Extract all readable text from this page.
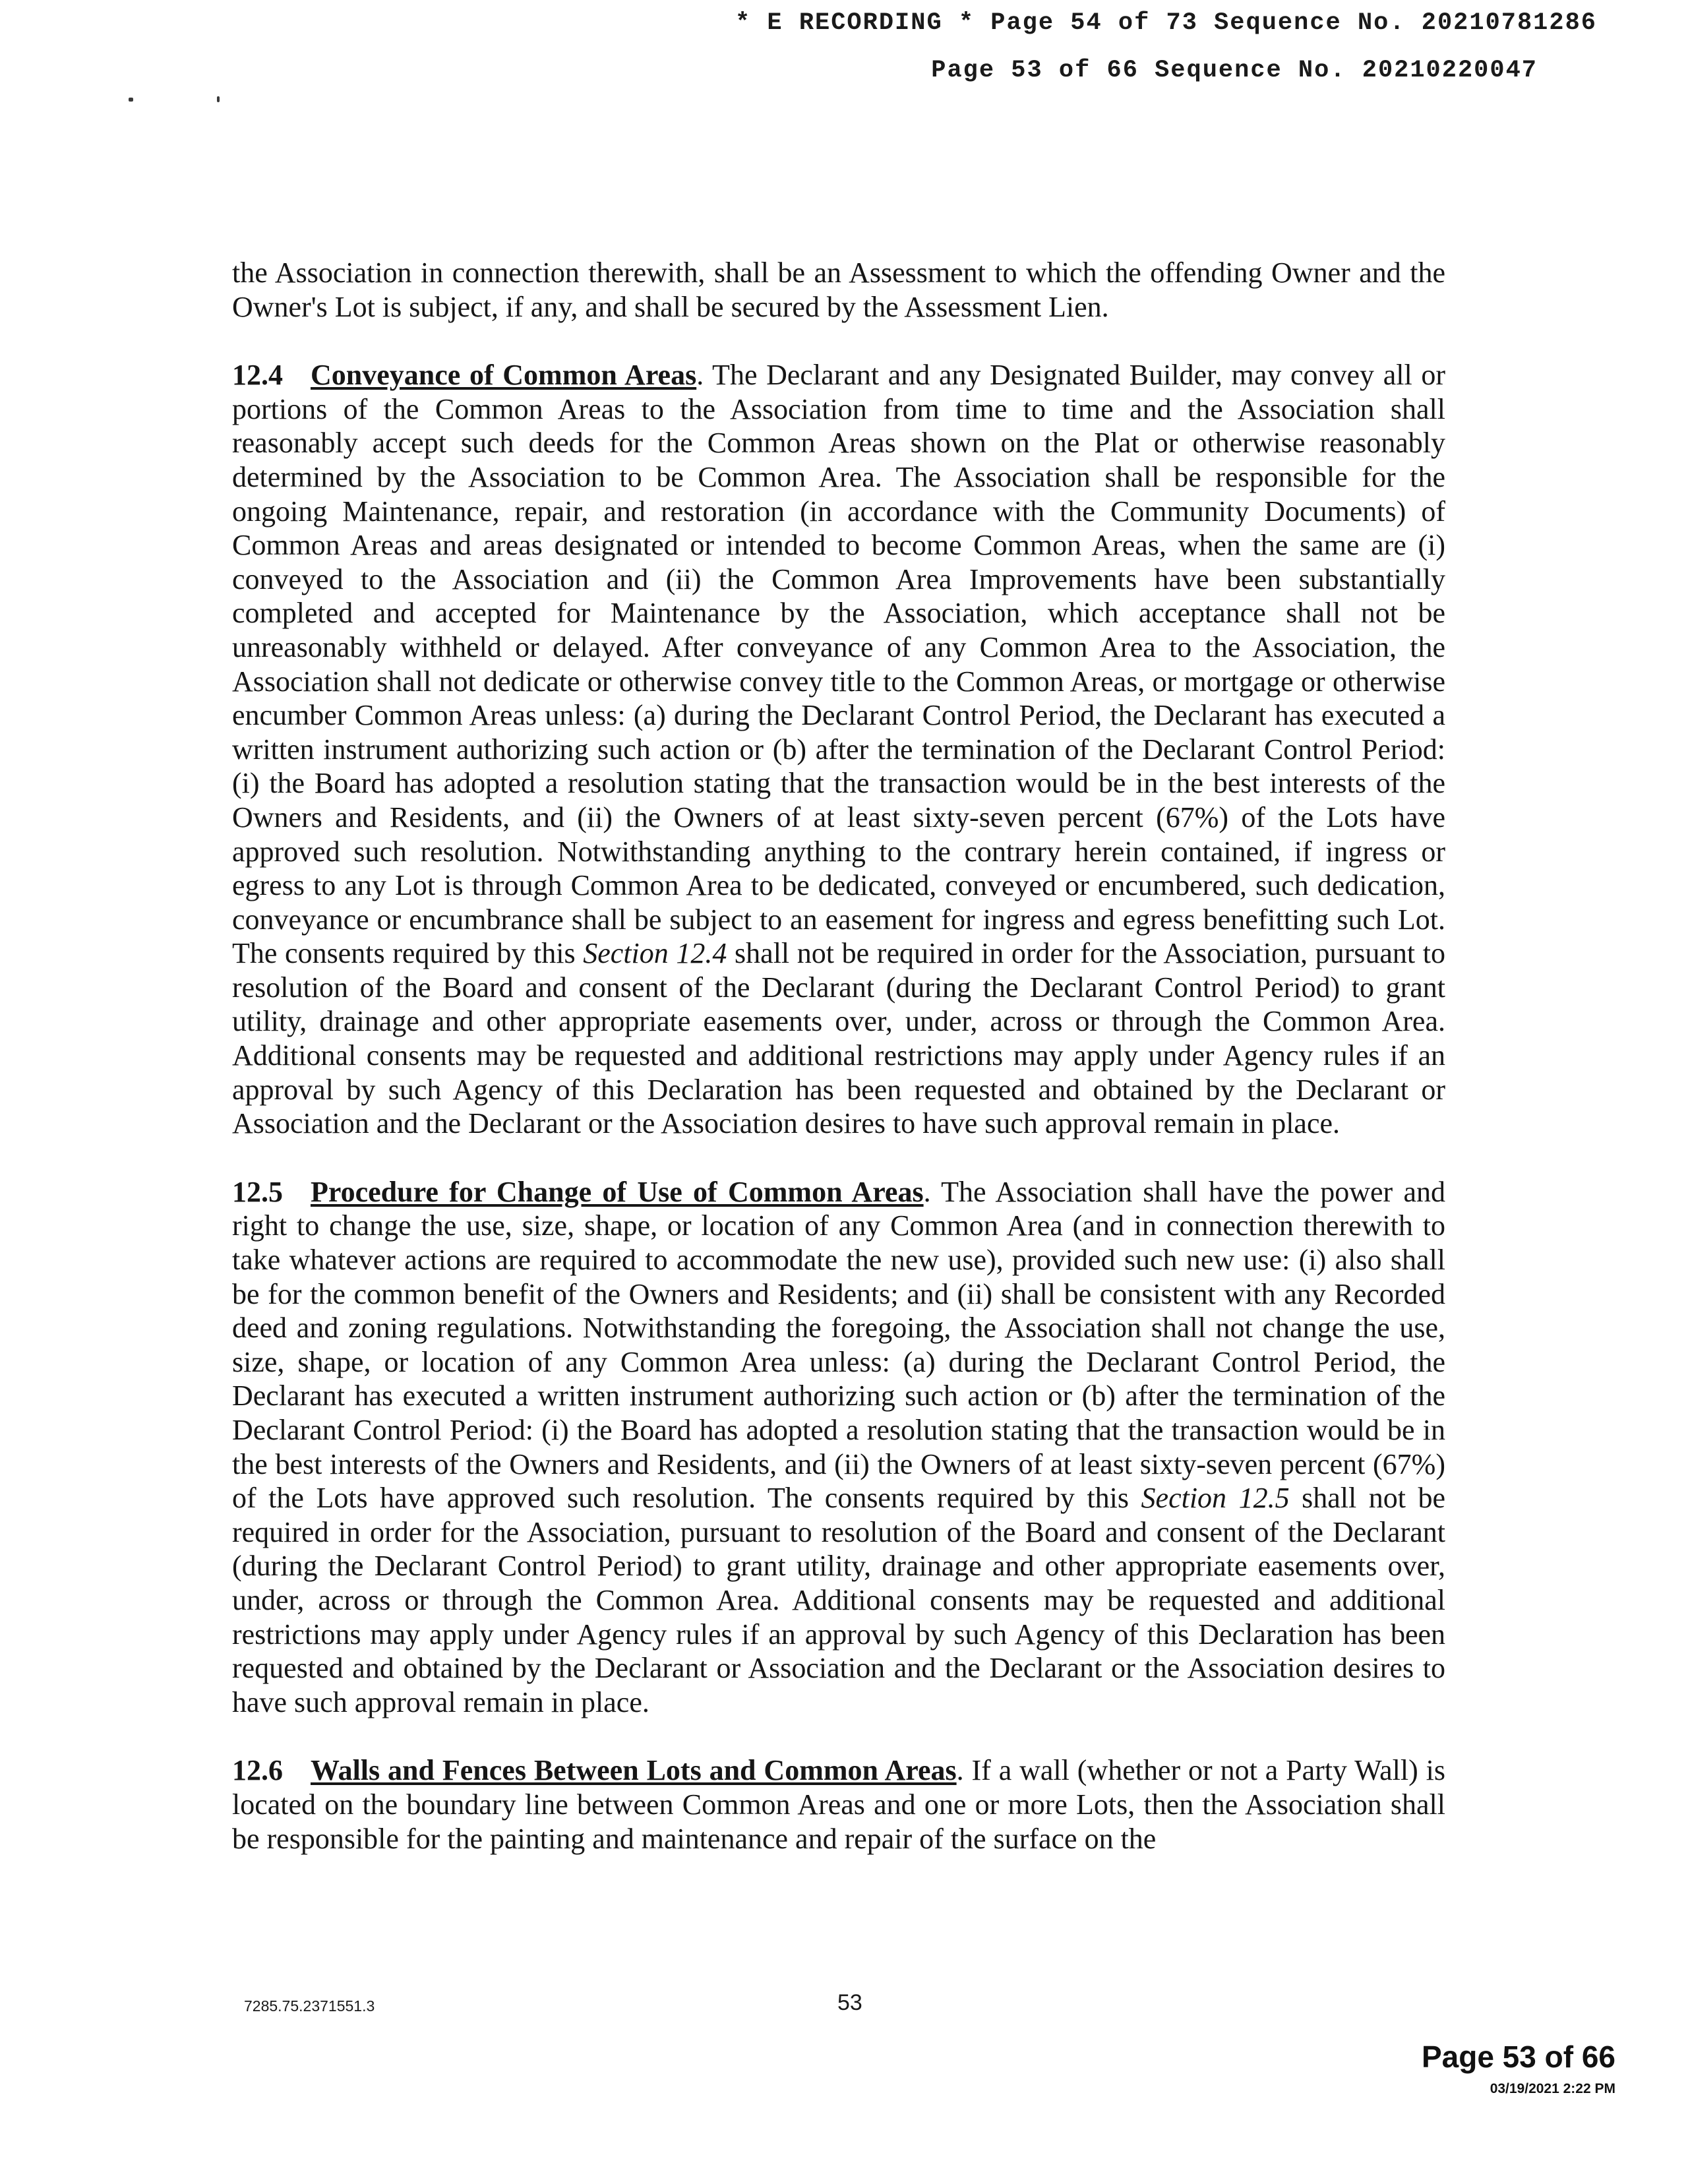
* E RECORDING * Page 54 of 73 Sequence No. 20210781286
Page 53 of 66 Sequence No. 20210220047

the Association in connection therewith, shall be an Assessment to which the offending Owner and the Owner's Lot is subject, if any, and shall be secured by the Assessment Lien.

12.4 Conveyance of Common Areas. The Declarant and any Designated Builder, may convey all or portions of the Common Areas to the Association from time to time and the Association shall reasonably accept such deeds for the Common Areas shown on the Plat or otherwise reasonably determined by the Association to be Common Area. The Association shall be responsible for the ongoing Maintenance, repair, and restoration (in accordance with the Community Documents) of Common Areas and areas designated or intended to become Common Areas, when the same are (i) conveyed to the Association and (ii) the Common Area Improvements have been substantially completed and accepted for Maintenance by the Association, which acceptance shall not be unreasonably withheld or delayed. After conveyance of any Common Area to the Association, the Association shall not dedicate or otherwise convey title to the Common Areas, or mortgage or otherwise encumber Common Areas unless: (a) during the Declarant Control Period, the Declarant has executed a written instrument authorizing such action or (b) after the termination of the Declarant Control Period: (i) the Board has adopted a resolution stating that the transaction would be in the best interests of the Owners and Residents, and (ii) the Owners of at least sixty-seven percent (67%) of the Lots have approved such resolution. Notwithstanding anything to the contrary herein contained, if ingress or egress to any Lot is through Common Area to be dedicated, conveyed or encumbered, such dedication, conveyance or encumbrance shall be subject to an easement for ingress and egress benefitting such Lot. The consents required by this Section 12.4 shall not be required in order for the Association, pursuant to resolution of the Board and consent of the Declarant (during the Declarant Control Period) to grant utility, drainage and other appropriate easements over, under, across or through the Common Area. Additional consents may be requested and additional restrictions may apply under Agency rules if an approval by such Agency of this Declaration has been requested and obtained by the Declarant or Association and the Declarant or the Association desires to have such approval remain in place.

12.5 Procedure for Change of Use of Common Areas. The Association shall have the power and right to change the use, size, shape, or location of any Common Area (and in connection therewith to take whatever actions are required to accommodate the new use), provided such new use: (i) also shall be for the common benefit of the Owners and Residents; and (ii) shall be consistent with any Recorded deed and zoning regulations. Notwithstanding the foregoing, the Association shall not change the use, size, shape, or location of any Common Area unless: (a) during the Declarant Control Period, the Declarant has executed a written instrument authorizing such action or (b) after the termination of the Declarant Control Period: (i) the Board has adopted a resolution stating that the transaction would be in the best interests of the Owners and Residents, and (ii) the Owners of at least sixty-seven percent (67%) of the Lots have approved such resolution. The consents required by this Section 12.5 shall not be required in order for the Association, pursuant to resolution of the Board and consent of the Declarant (during the Declarant Control Period) to grant utility, drainage and other appropriate easements over, under, across or through the Common Area. Additional consents may be requested and additional restrictions may apply under Agency rules if an approval by such Agency of this Declaration has been requested and obtained by the Declarant or Association and the Declarant or the Association desires to have such approval remain in place.

12.6 Walls and Fences Between Lots and Common Areas. If a wall (whether or not a Party Wall) is located on the boundary line between Common Areas and one or more Lots, then the Association shall be responsible for the painting and maintenance and repair of the surface on the

7285.75.2371551.3	53
Page 53 of 66
03/19/2021 2:22 PM
